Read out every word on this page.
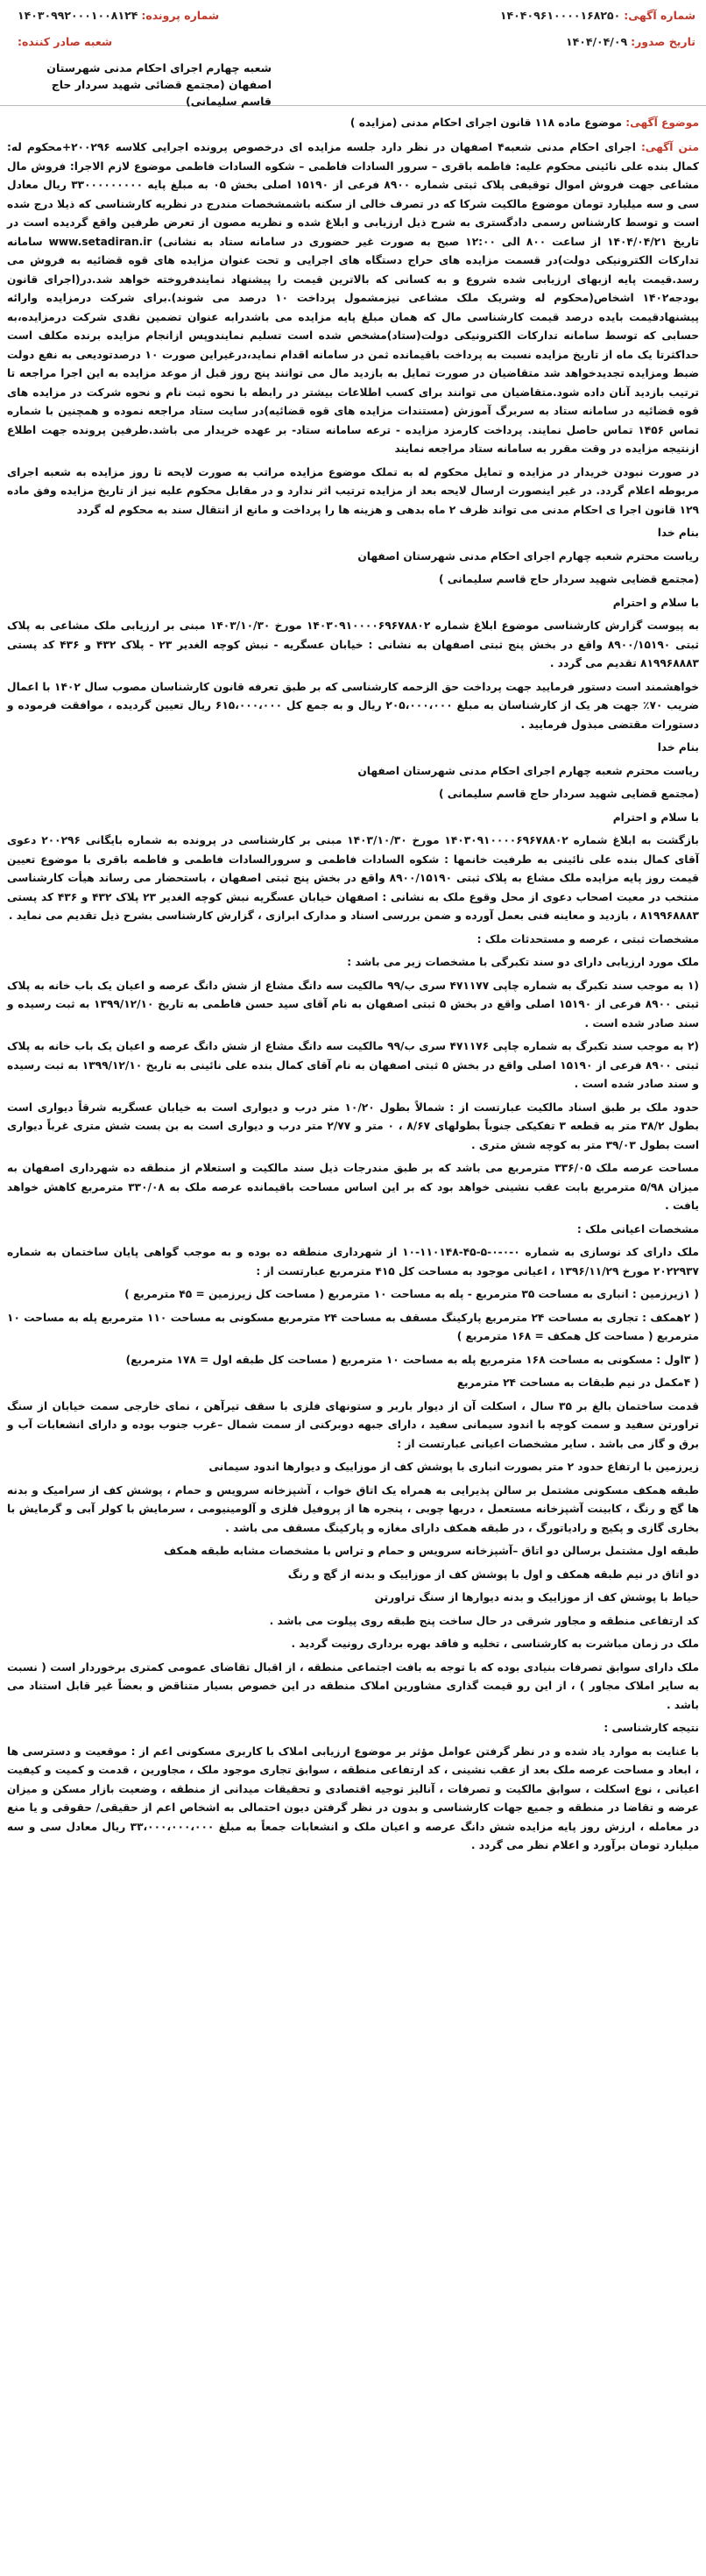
شماره پرونده: ۱۴۰۳۰۹۹۲۰۰۰۱۰۰۸۱۲۴
شعبه صادر کننده:
شعبه چهارم اجرای احکام مدنی شهرستان اصفهان (مجتمع قضائی شهید سردار حاج قاسم سلیمانی)
شماره آگهی: ۱۴۰۴۰۹۶۱۰۰۰۰۱۶۸۲۵۰
تاریخ صدور: ۱۴۰۴/۰۴/۰۹
موضوع آگهی: موضوع ماده ۱۱۸ قانون اجرای احکام مدنی (مزایده )

متن آگهی: اجرای احکام مدنی شعبه۴ اصفهان در نظر دارد جلسه مزایده ای درخصوص پرونده اجرایی کلاسه ۲۰۰۲۹۶+محکوم له: کمال بنده علی نائینی محکوم علیه: فاطمه باقری – سرور السادات فاطمی – شکوه السادات فاطمی موضوع لازم الاجرا: فروش مال مشاعی جهت فروش اموال توقیفی پلاک ثبتی شماره ۸۹۰۰ فرعی از ۱۵۱۹۰ اصلی بخش ۰۵ به مبلغ پایه ۳۳۰۰۰۰۰۰۰۰۰ ریال معادل سی و سه میلیارد تومان موضوع مالکیت شرکا که در تصرف خالی از سکنه باشمشخصات مندرج در نظریه کارشناسی که ذیلا درج شده است و توسط کارشناس رسمی دادگستری به شرح ذیل ارزیابی و ابلاغ شده و نظریه مصون از تعرض طرفین واقع گردیده است در تاریخ ۱۴۰۴/۰۴/۲۱ از ساعت ۸۰۰ الی ۱۲:۰۰ صبح به صورت غیر حضوری در سامانه ستاد به نشانی) www.setadiran.ir سامانه تدارکات الکترونیکی دولت)در قسمت مزایده های حراج دستگاه های اجرایی و تحت عنوان مزایده های قوه قضائیه به فروش می رسد.قیمت پایه ازبهای ارزیابی شده شروع و به کسانی که بالاترین قیمت را پیشنهاد نمایندفروخته خواهد شد.در(اجرای قانون بودجه۱۴۰۲ اشخاص(محکوم له وشریک ملک مشاعی نیزمشمول پرداخت ۱۰ درصد می شوند).برای شرکت درمزایده وارائه پیشنهادقیمت بایده درصد قیمت کارشناسی مال که همان مبلغ پایه مزایده می باشدرابه عنوان تضمین نقدی شرکت درمزایده،به حسابی که توسط سامانه تدارکات الکترونیکی دولت(ستاد)مشخص شده است تسلیم نمایندوپس ازانجام مزایده برنده مکلف است حداکثرتا یک ماه از تاریخ مزایده نسبت به پرداخت باقیمانده ثمن در سامانه اقدام نماید،درغیراین صورت ۱۰ درصدتودیعی به نفع دولت ضبط ومزایده تجدیدخواهد شد متقاضیان در صورت تمایل به بازدید مال می توانند پنج روز قبل از موعد مزایده به این اجرا مراجعه تا ترتیب بازدید آنان داده شود.متقاضیان می توانند برای کسب اطلاعات بیشتر در رابطه با نحوه ثبت نام و نحوه شرکت در مزایده های قوه قضائیه در سامانه ستاد به سربرگ آموزش (مستندات مزایده های قوه قضائیه)در سایت ستاد مراجعه نموده و همچنین با شماره تماس ۱۴۵۶ تماس حاصل نمایند. پرداخت کارمزد مزایده - ترعه سامانه ستاد- بر عهده خریدار می باشد.طرفین پرونده جهت اطلاع ازنتیجه مزایده در وقت مقرر به سامانه ستاد مراجعه نمایند

در صورت نبودن خریدار در مزایده و تمایل محکوم له به تملک موضوع مزایده مراتب به صورت لایحه تا روز مزایده به شعبه اجرای مربوطه اعلام گردد. در غیر اینصورت ارسال لایحه بعد از مزایده ترتیب اثر ندارد و در مقابل محکوم علیه نیز از تاریخ مزایده وفق ماده ۱۲۹ قانون اجرا ی احکام مدنی می تواند ظرف ۲ ماه بدهی و هزینه ها را پرداخت و مانع از انتقال سند به محکوم له گردد

بنام خدا

ریاست محترم شعبه چهارم اجرای احکام مدنی شهرستان اصفهان

(مجتمع قضایی شهید سردار حاج قاسم سلیمانی )

با سلام و احترام

به پیوست گزارش کارشناسی موضوع ابلاغ شماره ۱۴۰۳۰۹۱۰۰۰۰۶۹۶۷۸۸۰۲ مورخ ۱۴۰۳/۱۰/۳۰ مبنی بر ارزیابی ملک مشاعی به پلاک ثبتی ۸۹۰۰/۱۵۱۹۰ واقع در بخش پنج ثبتی اصفهان به نشانی : خیابان عسگریه - نبش کوچه الغدیر ۲۳ - پلاک ۴۳۲ و ۴۳۶ کد پستی ۸۱۹۹۶۸۸۸۳ تقدیم می گردد .

خواهشمند است دستور فرمایید جهت پرداخت حق الزحمه کارشناسی که بر طبق تعرفه قانون کارشناسان مصوب سال ۱۴۰۲ با اعمال ضریب ۷۰٪ جهت هر یک از کارشناسان به مبلغ ۲۰۵،۰۰۰،۰۰۰ ریال و به جمع کل ۶۱۵،۰۰۰،۰۰۰ ریال تعیین گردیده ، موافقت فرموده و دستورات مقتضی مبذول فرمایید .

بنام خدا

ریاست محترم شعبه چهارم اجرای احکام مدنی شهرستان اصفهان

(مجتمع قضایی شهید سردار حاج قاسم سلیمانی )

با سلام و احترام

بازگشت به ابلاغ شماره ۱۴۰۳۰۹۱۰۰۰۰۶۹۶۷۸۸۰۲ مورخ ۱۴۰۳/۱۰/۳۰ مبنی بر کارشناسی در پرونده به شماره بایگانی ۲۰۰۲۹۶ دعوی آقای کمال بنده علی نائینی به طرفیت خانمها : شکوه السادات فاطمی و سرورالسادات فاطمی و فاطمه باقری با موضوع تعیین قیمت روز پایه مزایده ملک مشاع به پلاک ثبتی ۸۹۰۰/۱۵۱۹۰ واقع در بخش پنج ثبتی اصفهان ، باستحضار می رساند هیأت کارشناسی منتخب در معیت اصحاب دعوی از محل وقوع ملک به نشانی : اصفهان خیابان عسگریه نبش کوچه الغدیر ۲۳ پلاک ۴۳۲ و ۴۳۶ کد پستی ۸۱۹۹۶۸۸۸۳ ، بازدید و معاینه فنی بعمل آورده و ضمن بررسی اسناد و مدارک ابرازی ، گزارش کارشناسی بشرح ذیل تقدیم می نماید .

مشخصات ثبتی ، عرصه و مستحدثات ملک :

ملک مورد ارزیابی دارای دو سند تکبرگی با مشخصات زیر می باشد :

(۱ به موجب سند تکبرگ به شماره چاپی ۴۷۱۱۷۷ سری ب/۹۹ مالکیت سه دانگ مشاع از شش دانگ عرصه و اعیان یک باب خانه به پلاک ثبتی ۸۹۰۰ فرعی از ۱۵۱۹۰ اصلی واقع در بخش ۵ ثبتی اصفهان به نام آقای سید حسن فاطمی به تاریخ ۱۳۹۹/۱۲/۱۰ به ثبت رسیده و سند صادر شده است .

(۲ به موجب سند تکبرگ به شماره چاپی ۴۷۱۱۷۶ سری ب/۹۹ مالکیت سه دانگ مشاع از شش دانگ عرصه و اعیان یک باب خانه به پلاک ثبتی ۸۹۰۰ فرعی از ۱۵۱۹۰ اصلی واقع در بخش ۵ ثبتی اصفهان به نام آقای کمال بنده علی نائینی به تاریخ ۱۳۹۹/۱۲/۱۰ به ثبت رسیده و سند صادر شده است .

حدود ملک بر طبق اسناد مالکیت عبارتست از : شمالاً بطول ۱۰/۲۰ متر درب و دیواری است به خیابان عسگریه شرقاً دیواری است بطول ۳۸/۲ متر به قطعه ۳ تفکیکی جنوباً بطولهای ۸/۶۷ ، ۰ متر و ۲/۷۷ متر درب و دیواری است به بن بست شش متری غرباً دیواری است بطول ۳۹/۰۳ متر به کوچه شش متری .

مساحت عرصه ملک ۳۳۶/۰۵ مترمربع می باشد که بر طبق مندرجات ذیل سند مالکیت و استعلام از منطقه ده شهرداری اصفهان به میزان ۵/۹۸ مترمربع بابت عقب نشینی خواهد بود که بر این اساس مساحت باقیمانده عرصه ملک به ۳۳۰/۰۸ مترمربع کاهش خواهد یافت .

مشخصات اعیانی ملک :

ملک دارای کد نوسازی به شماره ۰-۰-۰-۵-۴۵-۱۱۰۱۴۸-۱۰ از شهرداری منطقه ده بوده و به موجب گواهی پایان ساختمان به شماره ۲۰۲۲۹۳۷ مورخ ۱۳۹۶/۱۱/۲۹ ، اعیانی موجود به مساحت کل ۴۱۵ مترمربع عبارتست از :

( ۱زیرزمین : انباری به مساحت ۳۵ مترمربع - پله به مساحت ۱۰ مترمربع ( مساحت کل زیرزمین = ۴۵ مترمربع )

( ۲همکف : تجاری به مساحت ۲۴ مترمربع پارکینگ مسقف به مساحت ۲۴ مترمربع مسکونی به مساحت ۱۱۰ مترمربع پله به مساحت ۱۰ مترمربع ( مساحت کل همکف = ۱۶۸ مترمربع )

( ۳اول : مسکونی به مساحت ۱۶۸ مترمربع پله به مساحت ۱۰ مترمربع ( مساحت کل طبقه اول = ۱۷۸ مترمربع)

( ۴مکمل در نیم طبقات به مساحت ۲۴ مترمربع

قدمت ساختمان بالغ بر ۳۵ سال ، اسکلت آن از دیوار باربر و ستونهای فلزی با سقف تیرآهن ، نمای خارجی سمت خیابان از سنگ تراورتن سفید و سمت کوچه با اندود سیمانی سفید ، دارای جبهه دوبرکنی از سمت شمال –غرب جنوب بوده و دارای انشعابات آب و برق و گاز می باشد . سایر مشخصات اعیانی عبارتست از :

زیرزمین با ارتفاع حدود ۲ متر بصورت انباری با پوشش کف از موزاییک و دیوارها اندود سیمانی

طبقه همکف مسکونی مشتمل بر سالن پذیرایی به همراه یک اتاق خواب ، آشپزخانه سرویس و حمام ، پوشش کف از سرامیک و بدنه ها گچ و رنگ ، کابینت آشپزخانه مستعمل ، دربها چوبی ، پنجره ها از پروفیل فلزی و آلومینیومی ، سرمایش با کولر آبی و گرمایش با بخاری گازی و پکیج و رادیاتورگ ، در طبقه همکف دارای مغازه و پارکینگ مسقف می باشد .

طبقه اول مشتمل برسالن دو اتاق –آشپزخانه سرویس و حمام و تراس با مشخصات مشابه طبقه همکف

دو اتاق در نیم طبقه همکف و اول با پوشش کف از موزاییک و بدنه از گچ و رنگ

حیاط با پوشش کف از موزاییک و بدنه دیوارها از سنگ تراورتن

کد ارتفاعی منطقه و مجاور شرقی در حال ساخت پنج طبقه روی پیلوت می باشد .

ملک در زمان مباشرت به کارشناسی ، تخلیه و فاقد بهره برداری رونیت گردید .

ملک دارای سوابق تصرفات بنیادی بوده که با توجه به بافت اجتماعی منطقه ، از اقبال تقاضای عمومی کمتری برخوردار است ( نسبت به سایر املاک مجاور ) ، از این رو قیمت گذاری مشاورین املاک منطقه در این خصوص بسیار متناقض و بعضاً غیر قابل استناد می باشد .

نتیجه کارشناسی :

با عنایت به موارد یاد شده و در نظر گرفتن عوامل مؤثر بر موضوع ارزیابی املاک با کاربری مسکونی اعم از : موقعیت و دسترسی ها ، ابعاد و مساحت عرصه ملک بعد از عقب نشینی ، کد ارتفاعی منطقه ، سوابق تجاری موجود ملک ، مجاورین ، قدمت و کمیت و کیفیت اعیانی ، نوع اسکلت ، سوابق مالکیت و تصرفات ، آنالیز توجیه اقتصادی و تحقیقات میدانی از منطقه ، وضعیت بازار مسکن و میزان عرضه و تقاضا در منطقه و جمیع جهات کارشناسی و بدون در نظر گرفتن دیون احتمالی به اشخاص اعم از حقیقی/ حقوقی و یا منع در معامله ، ارزش روز پایه مزایده شش دانگ عرصه و اعیان ملک و انشعابات جمعاً به مبلغ ۳۳،۰۰۰،۰۰۰،۰۰۰ ریال معادل سی و سه میلیارد تومان برآورد و اعلام نظر می گردد .
